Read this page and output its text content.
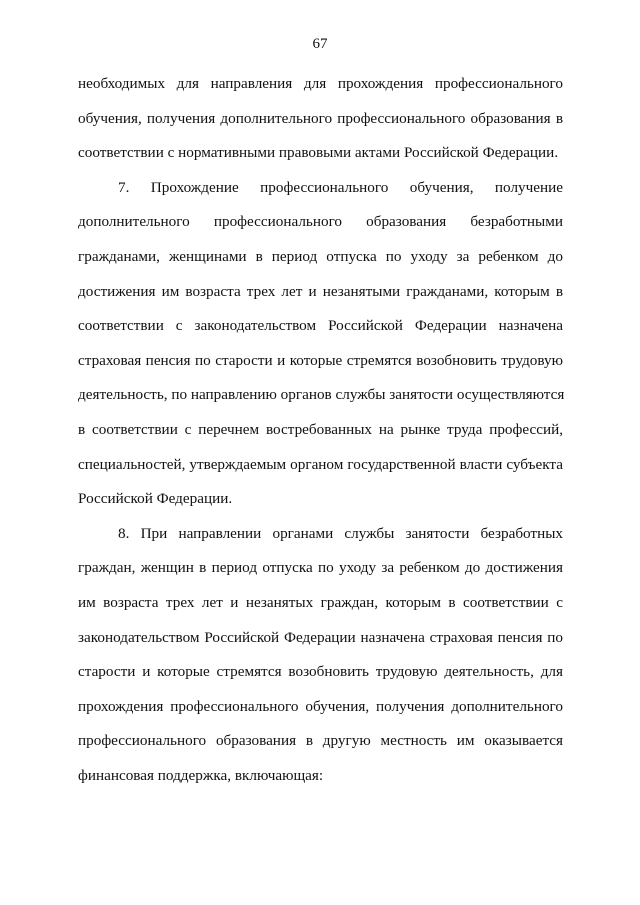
67
необходимых для направления для прохождения профессионального
обучения, получения дополнительного профессионального образования в
соответствии с нормативными правовыми актами Российской Федерации.
7. Прохождение профессионального обучения, получение
дополнительного профессионального образования безработными
гражданами, женщинами в период отпуска по уходу за ребенком до
достижения им возраста трех лет и незанятыми гражданами, которым в
соответствии с законодательством Российской Федерации назначена
страховая пенсия по старости и которые стремятся возобновить трудовую
деятельность, по направлению органов службы занятости осуществляются
в соответствии с перечнем востребованных на рынке труда профессий,
специальностей, утверждаемым органом государственной власти субъекта
Российской Федерации.
8. При направлении органами службы занятости безработных
граждан, женщин в период отпуска по уходу за ребенком до достижения
им возраста трех лет и незанятых граждан, которым в соответствии с
законодательством Российской Федерации назначена страховая пенсия по
старости и которые стремятся возобновить трудовую деятельность, для
прохождения профессионального обучения, получения дополнительного
профессионального образования в другую местность им оказывается
финансовая поддержка, включающая:
